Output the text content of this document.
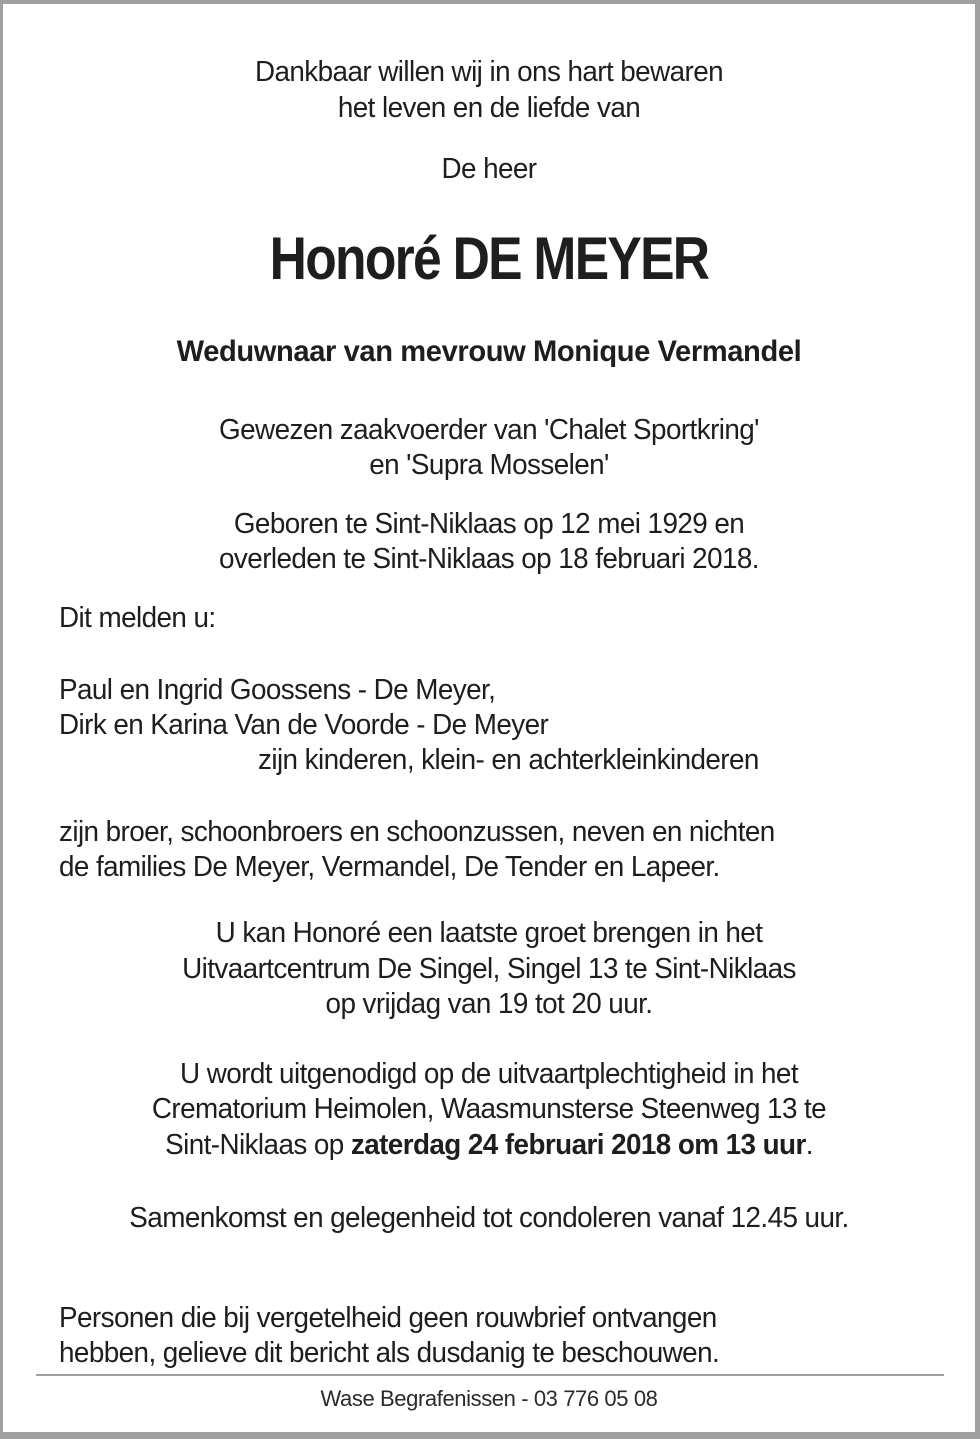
Dankbaar willen wij in ons hart bewaren
het leven en de liefde van
De heer
Honoré DE MEYER
Weduwnaar van mevrouw Monique Vermandel
Gewezen zaakvoerder van 'Chalet Sportkring'
en 'Supra Mosselen'
Geboren te Sint-Niklaas op 12 mei 1929 en
overleden te Sint-Niklaas op 18 februari 2018.
Dit melden u:
Paul en Ingrid Goossens - De Meyer,
Dirk en Karina Van de Voorde - De Meyer
zijn kinderen, klein- en achterkleinkinderen
zijn broer, schoonbroers en schoonzussen, neven en nichten
de families De Meyer, Vermandel, De Tender en Lapeer.
U kan Honoré een laatste groet brengen in het
Uitvaartcentrum De Singel, Singel 13 te Sint-Niklaas
op vrijdag van 19 tot 20 uur.
U wordt uitgenodigd op de uitvaartplechtigheid in het
Crematorium Heimolen, Waasmunsterse Steenweg 13 te
Sint-Niklaas op zaterdag 24 februari 2018 om 13 uur.
Samenkomst en gelegenheid tot condoleren vanaf 12.45 uur.
Personen die bij vergetelheid geen rouwbrief ontvangen
hebben, gelieve dit bericht als dusdanig te beschouwen.
Wase Begrafenissen - 03 776 05 08
